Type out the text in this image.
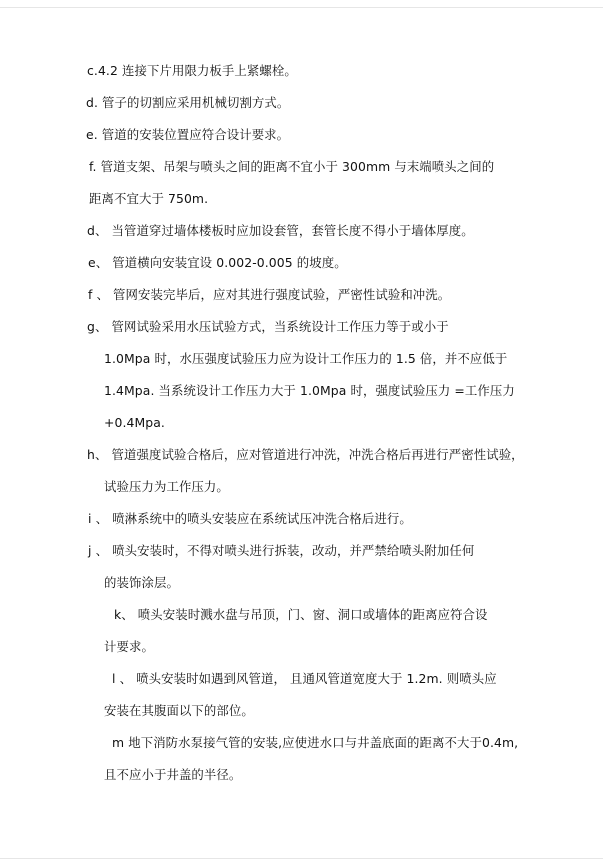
c.4.2 连接下片用限力板手上紧螺栓。
d. 管子的切割应采用机械切割方式。
e. 管道的安装位置应符合设计要求。
f. 管道支架、吊架与喷头之间的距离不宜小于 300mm 与末端喷头之间的
距离不宜大于 750m.
d、 当管道穿过墙体楼板时应加设套管，套管长度不得小于墙体厚度。
e、 管道横向安装宜设 0.002-0.005 的坡度。
f 、 管网安装完毕后，应对其进行强度试验，严密性试验和冲洗。
g、 管网试验采用水压试验方式，当系统设计工作压力等于或小于
1.0Mpa 时，水压强度试验压力应为设计工作压力的 1.5 倍，并不应低于
1.4Mpa. 当系统设计工作压力大于 1.0Mpa 时，强度试验压力 =工作压力
+0.4Mpa.
h、 管道强度试验合格后，应对管道进行冲洗，冲洗合格后再进行严密性试验，
试验压力为工作压力。
i 、 喷淋系统中的喷头安装应在系统试压冲洗合格后进行。
j 、 喷头安装时，不得对喷头进行拆装，改动，并严禁给喷头附加任何
的装饰涂层。
k、 喷头安装时溅水盘与吊顶，门、窗、洞口或墙体的距离应符合设
计要求。
l 、 喷头安装时如遇到风管道， 且通风管道宽度大于 1.2m. 则喷头应
安装在其腹面以下的部位。
m 地下消防水泵接气管的安装,应使进水口与井盖底面的距离不大于0.4m,
且不应小于井盖的半径。
